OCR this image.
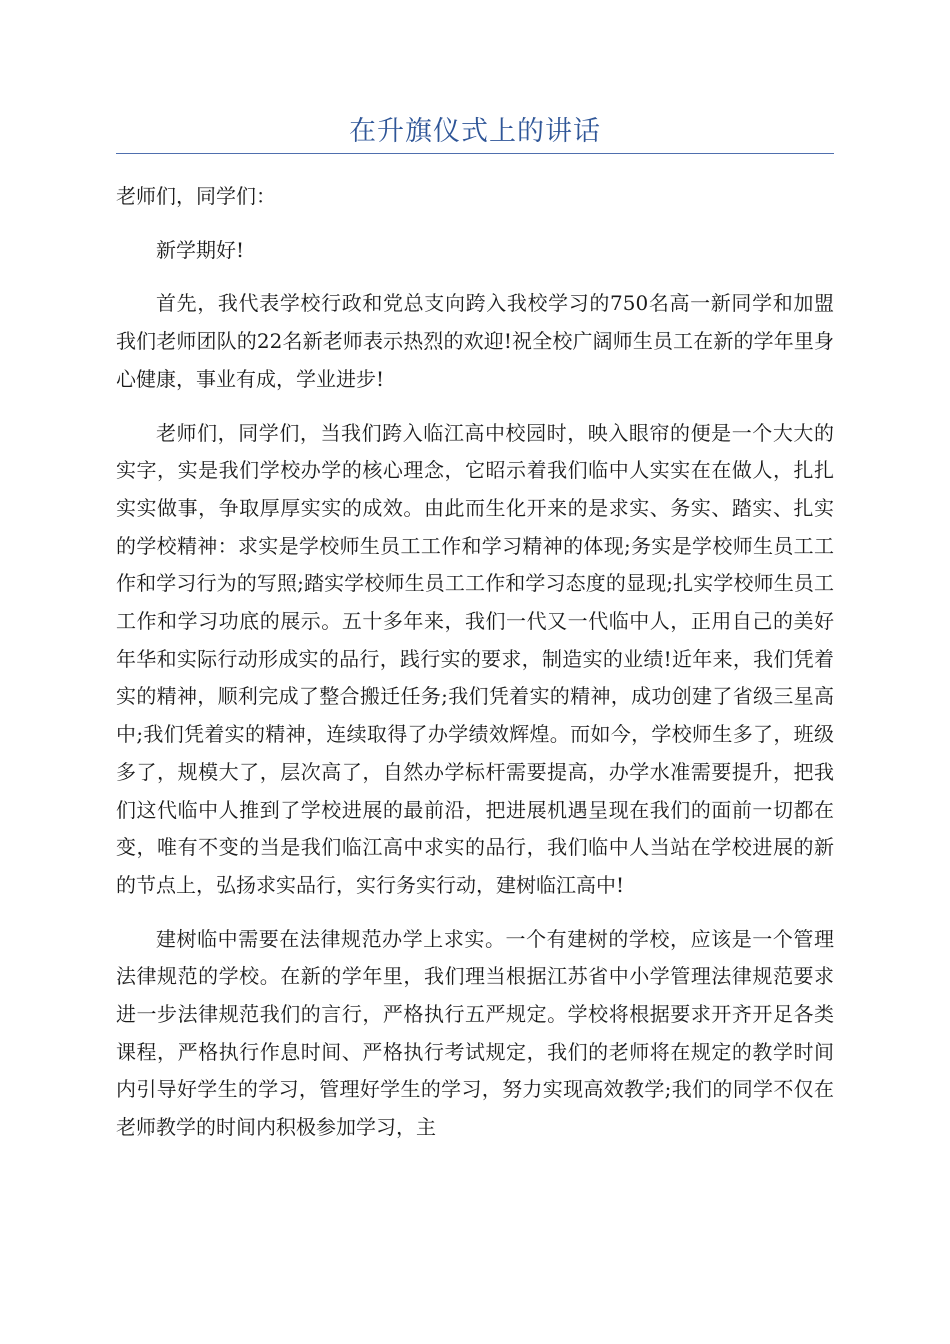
在升旗仪式上的讲话

老师们，同学们：

新学期好!

首先，我代表学校行政和党总支向跨入我校学习的750名高一新同学和加盟我们老师团队的22名新老师表示热烈的欢迎!祝全校广阔师生员工在新的学年里身心健康，事业有成，学业进步!

老师们，同学们，当我们跨入临江高中校园时，映入眼帘的便是一个大大的实字，实是我们学校办学的核心理念，它昭示着我们临中人实实在在做人，扎扎实实做事，争取厚厚实实的成效。由此而生化开来的是求实、务实、踏实、扎实的学校精神：求实是学校师生员工工作和学习精神的体现;务实是学校师生员工工作和学习行为的写照;踏实学校师生员工工作和学习态度的显现;扎实学校师生员工工作和学习功底的展示。五十多年来，我们一代又一代临中人，正用自己的美好年华和实际行动形成实的品行，践行实的要求，制造实的业绩!近年来，我们凭着实的精神，顺利完成了整合搬迁任务;我们凭着实的精神，成功创建了省级三星高中;我们凭着实的精神，连续取得了办学绩效辉煌。而如今，学校师生多了，班级多了，规模大了，层次高了，自然办学标杆需要提高，办学水准需要提升，把我们这代临中人推到了学校进展的最前沿，把进展机遇呈现在我们的面前一切都在变，唯有不变的当是我们临江高中求实的品行，我们临中人当站在学校进展的新的节点上，弘扬求实品行，实行务实行动，建树临江高中!

建树临中需要在法律规范办学上求实。一个有建树的学校，应该是一个管理法律规范的学校。在新的学年里，我们理当根据江苏省中小学管理法律规范要求进一步法律规范我们的言行，严格执行五严规定。学校将根据要求开齐开足各类课程，严格执行作息时间、严格执行考试规定，我们的老师将在规定的教学时间内引导好学生的学习，管理好学生的学习，努力实现高效教学;我们的同学不仅在老师教学的时间内积极参加学习，主
